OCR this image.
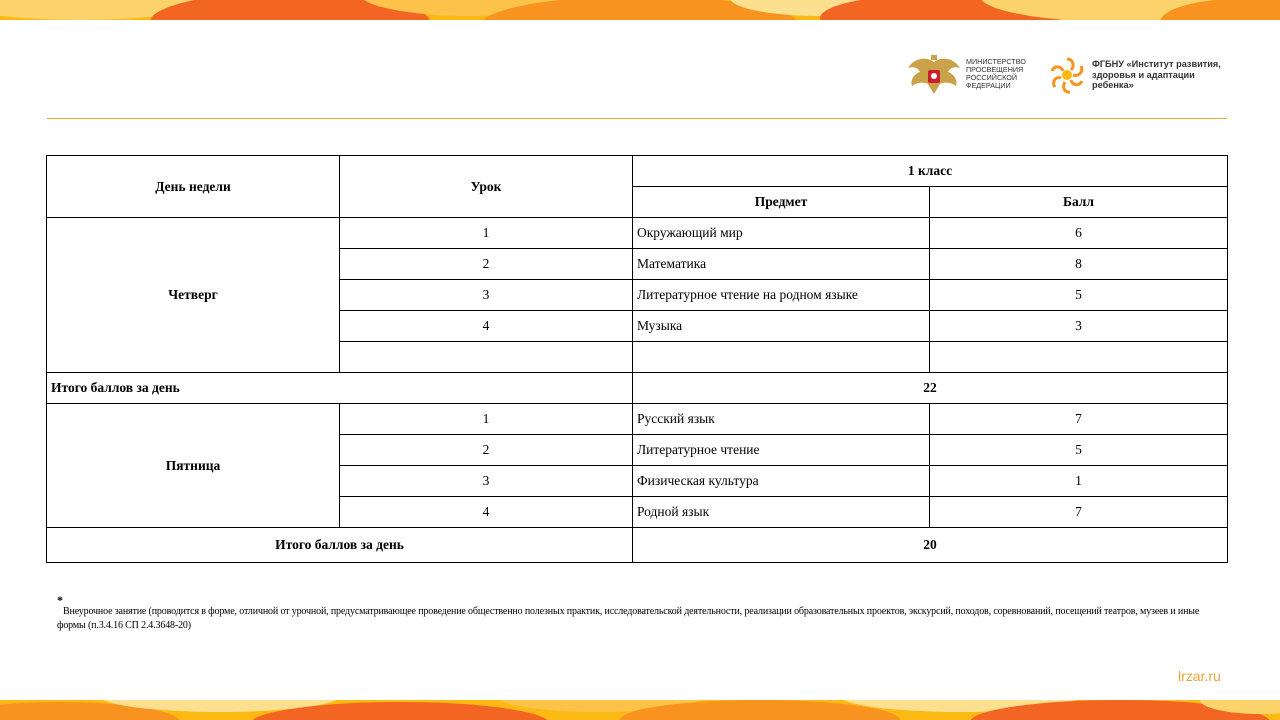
МИНИСТЕРСТВО
ПРОСВЕЩЕНИЯ
РОССИЙСКОЙ
ФЕДЕРАЦИИ
ФГБНУ «Институт развития,
здоровья и адаптации
ребенка»
День недели	Урок	1 класс	
		Предмет	Балл
Четверг	1	Окружающий мир	6
	2	Математика	8
	3	Литературное чтение на родном языке	5
	4	Музыка	3

Итого баллов за день		22	
Пятница	1	Русский язык	7
	2	Литературное чтение	5
	3	Физическая культура	1
	4	Родной язык	7
Итого баллов за день		20	
*
Внеурочное занятие (проводится в форме, отличной от урочной, предусматривающее проведение общественно полезных практик, исследовательской деятельности, реализации образовательных проектов, экскурсий, походов, соревнований, посещений театров, музеев и иные формы (п.3.4.16 СП 2.4.3648-20)
lrzar.ru
